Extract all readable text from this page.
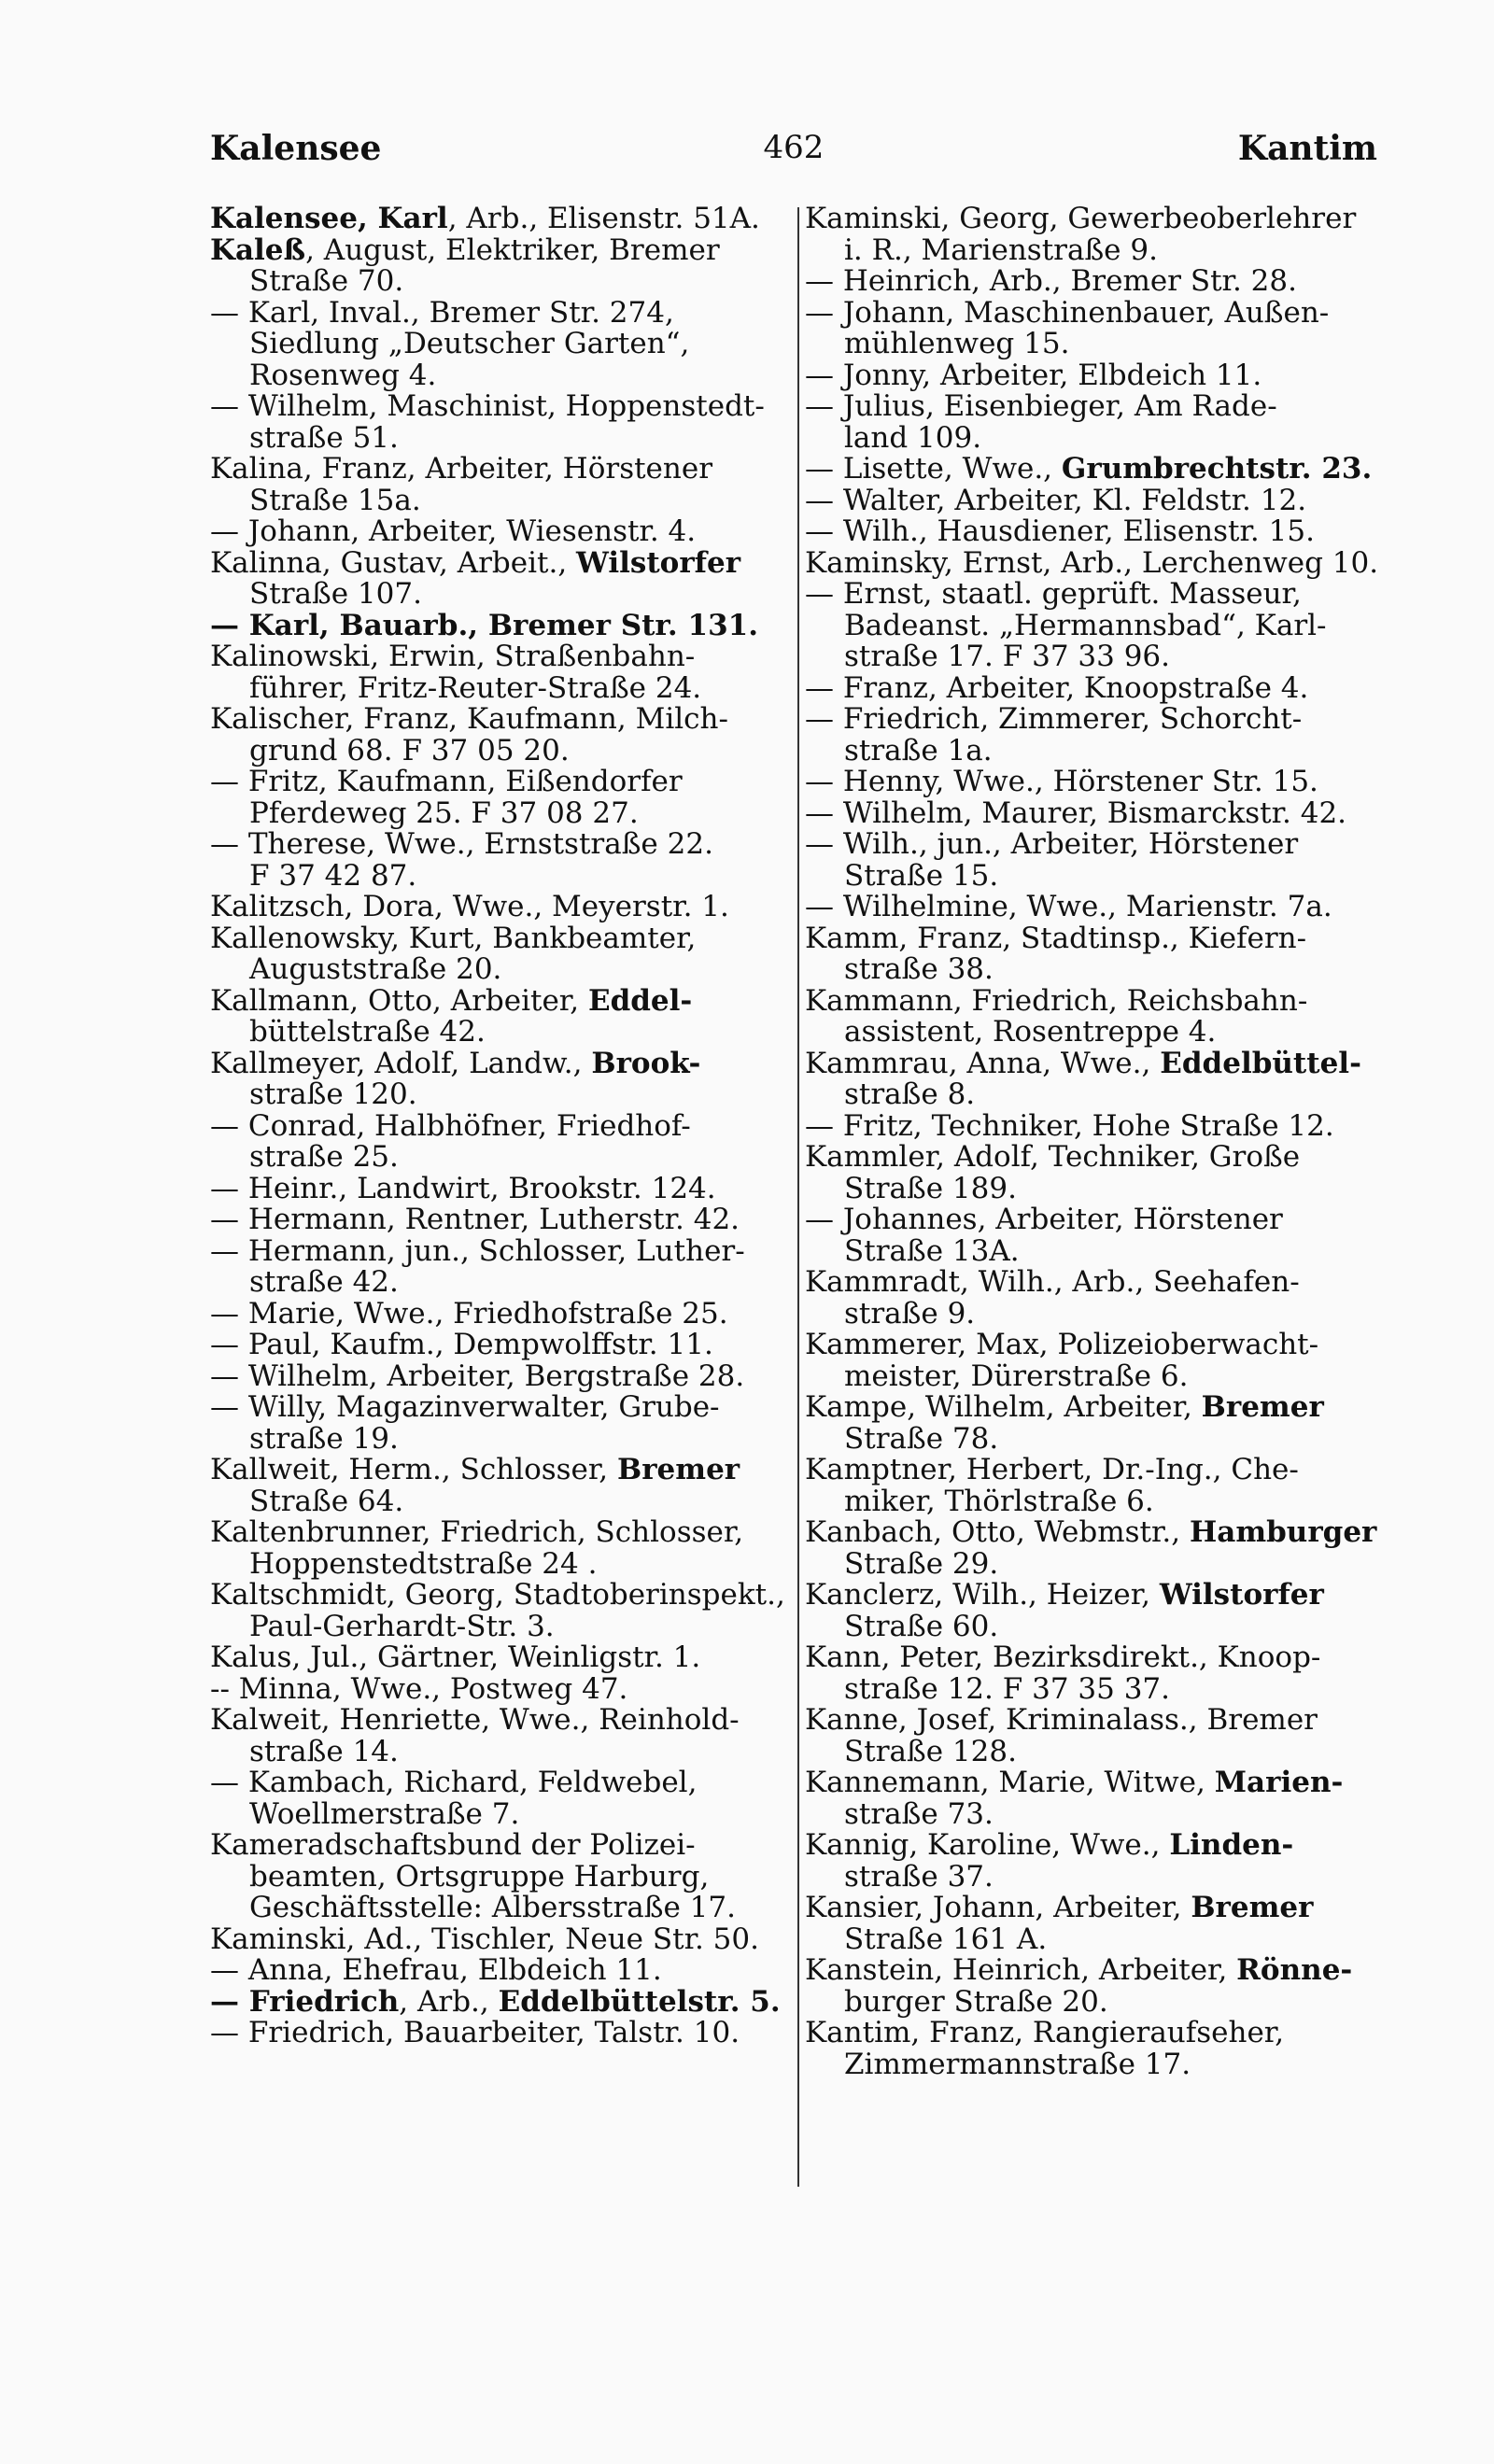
Kalensee	462	Kantim
Kalensee, Karl, Arb., Elisenstr. 51A.
Kaleß, August, Elektriker, Bremer
Straße 70.
— Karl, Inval., Bremer Str. 274,
Siedlung „Deutscher Garten“,
Rosenweg 4.
— Wilhelm, Maschinist, Hoppenstedt-
straße 51.
Kalina, Franz, Arbeiter, Hörstener
Straße 15a.
— Johann, Arbeiter, Wiesenstr. 4.
Kalinna, Gustav, Arbeit., Wilstorfer
Straße 107.
— Karl, Bauarb., Bremer Str. 131.
Kalinowski, Erwin, Straßenbahn-
führer, Fritz-Reuter-Straße 24.
Kalischer, Franz, Kaufmann, Milch-
grund 68. F 37 05 20.
— Fritz, Kaufmann, Eißendorfer
Pferdeweg 25. F 37 08 27.
— Therese, Wwe., Ernststraße 22.
F 37 42 87.
Kalitzsch, Dora, Wwe., Meyerstr. 1.
Kallenowsky, Kurt, Bankbeamter,
Auguststraße 20.
Kallmann, Otto, Arbeiter, Eddel-
büttelstraße 42.
Kallmeyer, Adolf, Landw., Brook-
straße 120.
— Conrad, Halbhöfner, Friedhof-
straße 25.
— Heinr., Landwirt, Brookstr. 124.
— Hermann, Rentner, Lutherstr. 42.
— Hermann, jun., Schlosser, Luther-
straße 42.
— Marie, Wwe., Friedhofstraße 25.
— Paul, Kaufm., Dempwolffstr. 11.
— Wilhelm, Arbeiter, Bergstraße 28.
— Willy, Magazinverwalter, Grube-
straße 19.
Kallweit, Herm., Schlosser, Bremer
Straße 64.
Kaltenbrunner, Friedrich, Schlosser,
Hoppenstedtstraße 24 .
Kaltschmidt, Georg, Stadtoberinspekt.,
Paul-Gerhardt-Str. 3.
Kalus, Jul., Gärtner, Weinligstr. 1.
-- Minna, Wwe., Postweg 47.
Kalweit, Henriette, Wwe., Reinhold-
straße 14.
— Kambach, Richard, Feldwebel,
Woellmerstraße 7.
Kameradschaftsbund der Polizei-
beamten, Ortsgruppe Harburg,
Geschäftsstelle: Albersstraße 17.
Kaminski, Ad., Tischler, Neue Str. 50.
— Anna, Ehefrau, Elbdeich 11.
— Friedrich, Arb., Eddelbüttelstr. 5.
— Friedrich, Bauarbeiter, Talstr. 10.
Kaminski, Georg, Gewerbeoberlehrer
i. R., Marienstraße 9.
— Heinrich, Arb., Bremer Str. 28.
— Johann, Maschinenbauer, Außen-
mühlenweg 15.
— Jonny, Arbeiter, Elbdeich 11.
— Julius, Eisenbieger, Am Rade-
land 109.
— Lisette, Wwe., Grumbrechtstr. 23.
— Walter, Arbeiter, Kl. Feldstr. 12.
— Wilh., Hausdiener, Elisenstr. 15.
Kaminsky, Ernst, Arb., Lerchenweg 10.
— Ernst, staatl. geprüft. Masseur,
Badeanst. „Hermannsbad“, Karl-
straße 17. F 37 33 96.
— Franz, Arbeiter, Knoopstraße 4.
— Friedrich, Zimmerer, Schorcht-
straße 1a.
— Henny, Wwe., Hörstener Str. 15.
— Wilhelm, Maurer, Bismarckstr. 42.
— Wilh., jun., Arbeiter, Hörstener
Straße 15.
— Wilhelmine, Wwe., Marienstr. 7a.
Kamm, Franz, Stadtinsp., Kiefern-
straße 38.
Kammann, Friedrich, Reichsbahn-
assistent, Rosentreppe 4.
Kammrau, Anna, Wwe., Eddelbüttel-
straße 8.
— Fritz, Techniker, Hohe Straße 12.
Kammler, Adolf, Techniker, Große
Straße 189.
— Johannes, Arbeiter, Hörstener
Straße 13A.
Kammradt, Wilh., Arb., Seehafen-
straße 9.
Kammerer, Max, Polizeioberwacht-
meister, Dürerstraße 6.
Kampe, Wilhelm, Arbeiter, Bremer
Straße 78.
Kamptner, Herbert, Dr.-Ing., Che-
miker, Thörlstraße 6.
Kanbach, Otto, Webmstr., Hamburger
Straße 29.
Kanclerz, Wilh., Heizer, Wilstorfer
Straße 60.
Kann, Peter, Bezirksdirekt., Knoop-
straße 12. F 37 35 37.
Kanne, Josef, Kriminalass., Bremer
Straße 128.
Kannemann, Marie, Witwe, Marien-
straße 73.
Kannig, Karoline, Wwe., Linden-
straße 37.
Kansier, Johann, Arbeiter, Bremer
Straße 161 A.
Kanstein, Heinrich, Arbeiter, Rönne-
burger Straße 20.
Kantim, Franz, Rangieraufseher,
Zimmermannstraße 17.
